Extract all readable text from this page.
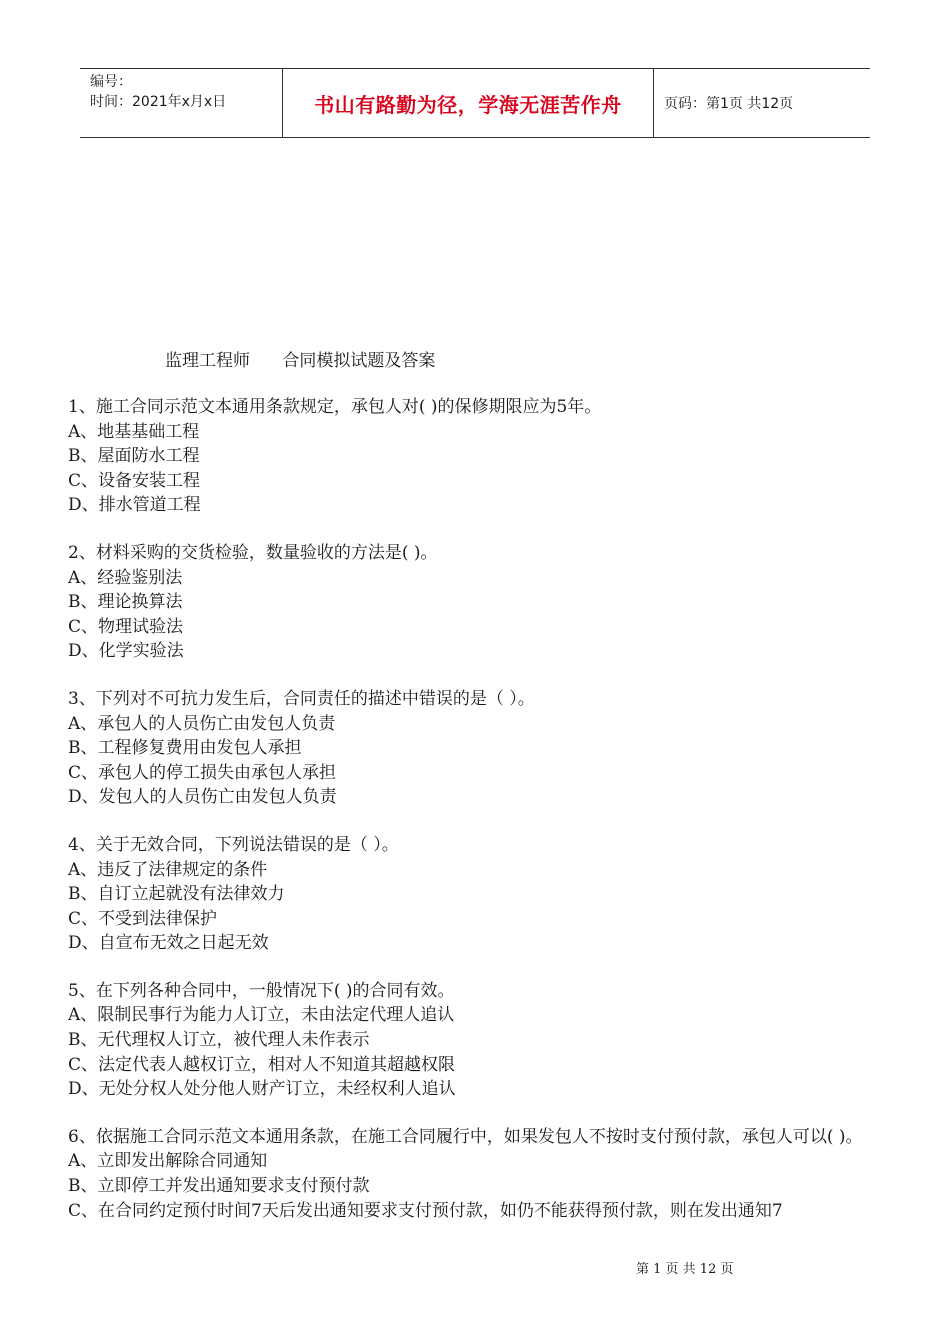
编号：
时间：2021年x月x日	书山有路勤为径，学海无涯苦作舟	页码：第1页 共12页
监理工程师      合同模拟试题及答案

1、施工合同示范文本通用条款规定，承包人对( )的保修期限应为5年。

A、地基基础工程

B、屋面防水工程

C、设备安装工程

D、排水管道工程

2、材料采购的交货检验，数量验收的方法是( )。

A、经验鉴别法

B、理论换算法

C、物理试验法

D、化学实验法

3、下列对不可抗力发生后，合同责任的描述中错误的是（ ）。

A、承包人的人员伤亡由发包人负责

B、工程修复费用由发包人承担

C、承包人的停工损失由承包人承担

D、发包人的人员伤亡由发包人负责

4、关于无效合同，下列说法错误的是（ ）。

A、违反了法律规定的条件

B、自订立起就没有法律效力

C、不受到法律保护

D、自宣布无效之日起无效

5、在下列各种合同中，一般情况下( )的合同有效。

A、限制民事行为能力人订立，未由法定代理人追认

B、无代理权人订立，被代理人未作表示

C、法定代表人越权订立，相对人不知道其超越权限

D、无处分权人处分他人财产订立，未经权利人追认

6、依据施工合同示范文本通用条款，在施工合同履行中，如果发包人不按时支付预付款，承包人可以( )。

A、立即发出解除合同通知

B、立即停工并发出通知要求支付预付款

C、在合同约定预付时间7天后发出通知要求支付预付款，如仍不能获得预付款，则在发出通知7

第 1 页 共 12 页
